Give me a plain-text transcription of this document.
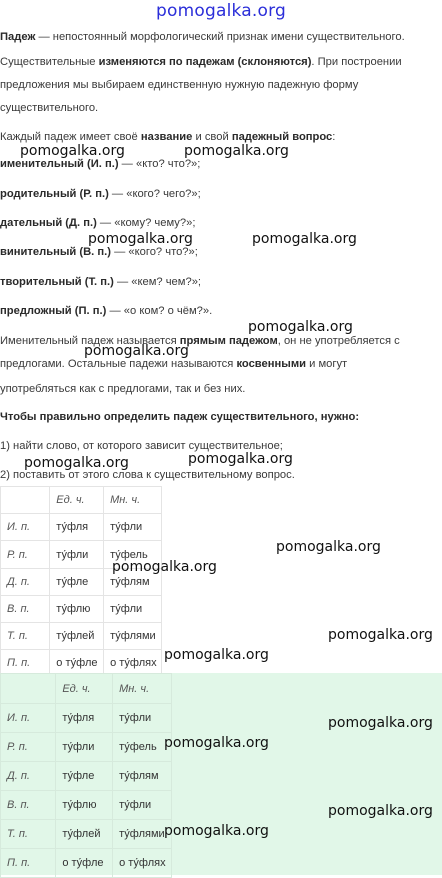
pomogalka.org
Падеж — непостоянный морфологический признак имени существительного.
Существительные изменяются по падежам (склоняются). При построении
предложения мы выбираем единственную нужную падежную форму
существительного.
Каждый падеж имеет своё название и свой падежный вопрос:
именительный (И. п.) — «кто? что?»;
родительный (Р. п.) — «кого? чего?»;
дательный (Д. п.) — «кому? чему?»;
винительный (В. п.) — «кого? что?»;
творительный (Т. п.) — «кем? чем?»;
предложный (П. п.) — «о ком? о чём?».
Именительный падеж называется прямым падежом, он не употребляется с
предлогами. Остальные падежи называются косвенными и могут
употребляться как с предлогами, так и без них.
Чтобы правильно определить падеж существительного, нужно:
1) найти слово, от которого зависит существительное;
2) поставить от этого слова к существительному вопрос.
	Ед. ч.	Мн. ч.
И. п.	ту́фля	ту́фли
Р. п.	ту́фли	ту́фель
Д. п.	ту́фле	ту́флям
В. п.	ту́флю	ту́фли
Т. п.	ту́флей	ту́флями
П. п.	о ту́фле	о ту́флях
	Ед. ч.	Мн. ч.
И. п.	ту́фля	ту́фли
Р. п.	ту́фли	ту́фель
Д. п.	ту́фле	ту́флям
В. п.	ту́флю	ту́фли
Т. п.	ту́флей	ту́флями
П. п.	о ту́фле	о ту́флях
pomogalka.org	pomogalka.org
pomogalka.org	pomogalka.org
pomogalka.org
pomogalka.org
pomogalka.org	pomogalka.org
pomogalka.org
pomogalka.org
pomogalka.org
pomogalka.org
pomogalka.org
pomogalka.org
pomogalka.org
pomogalka.org
